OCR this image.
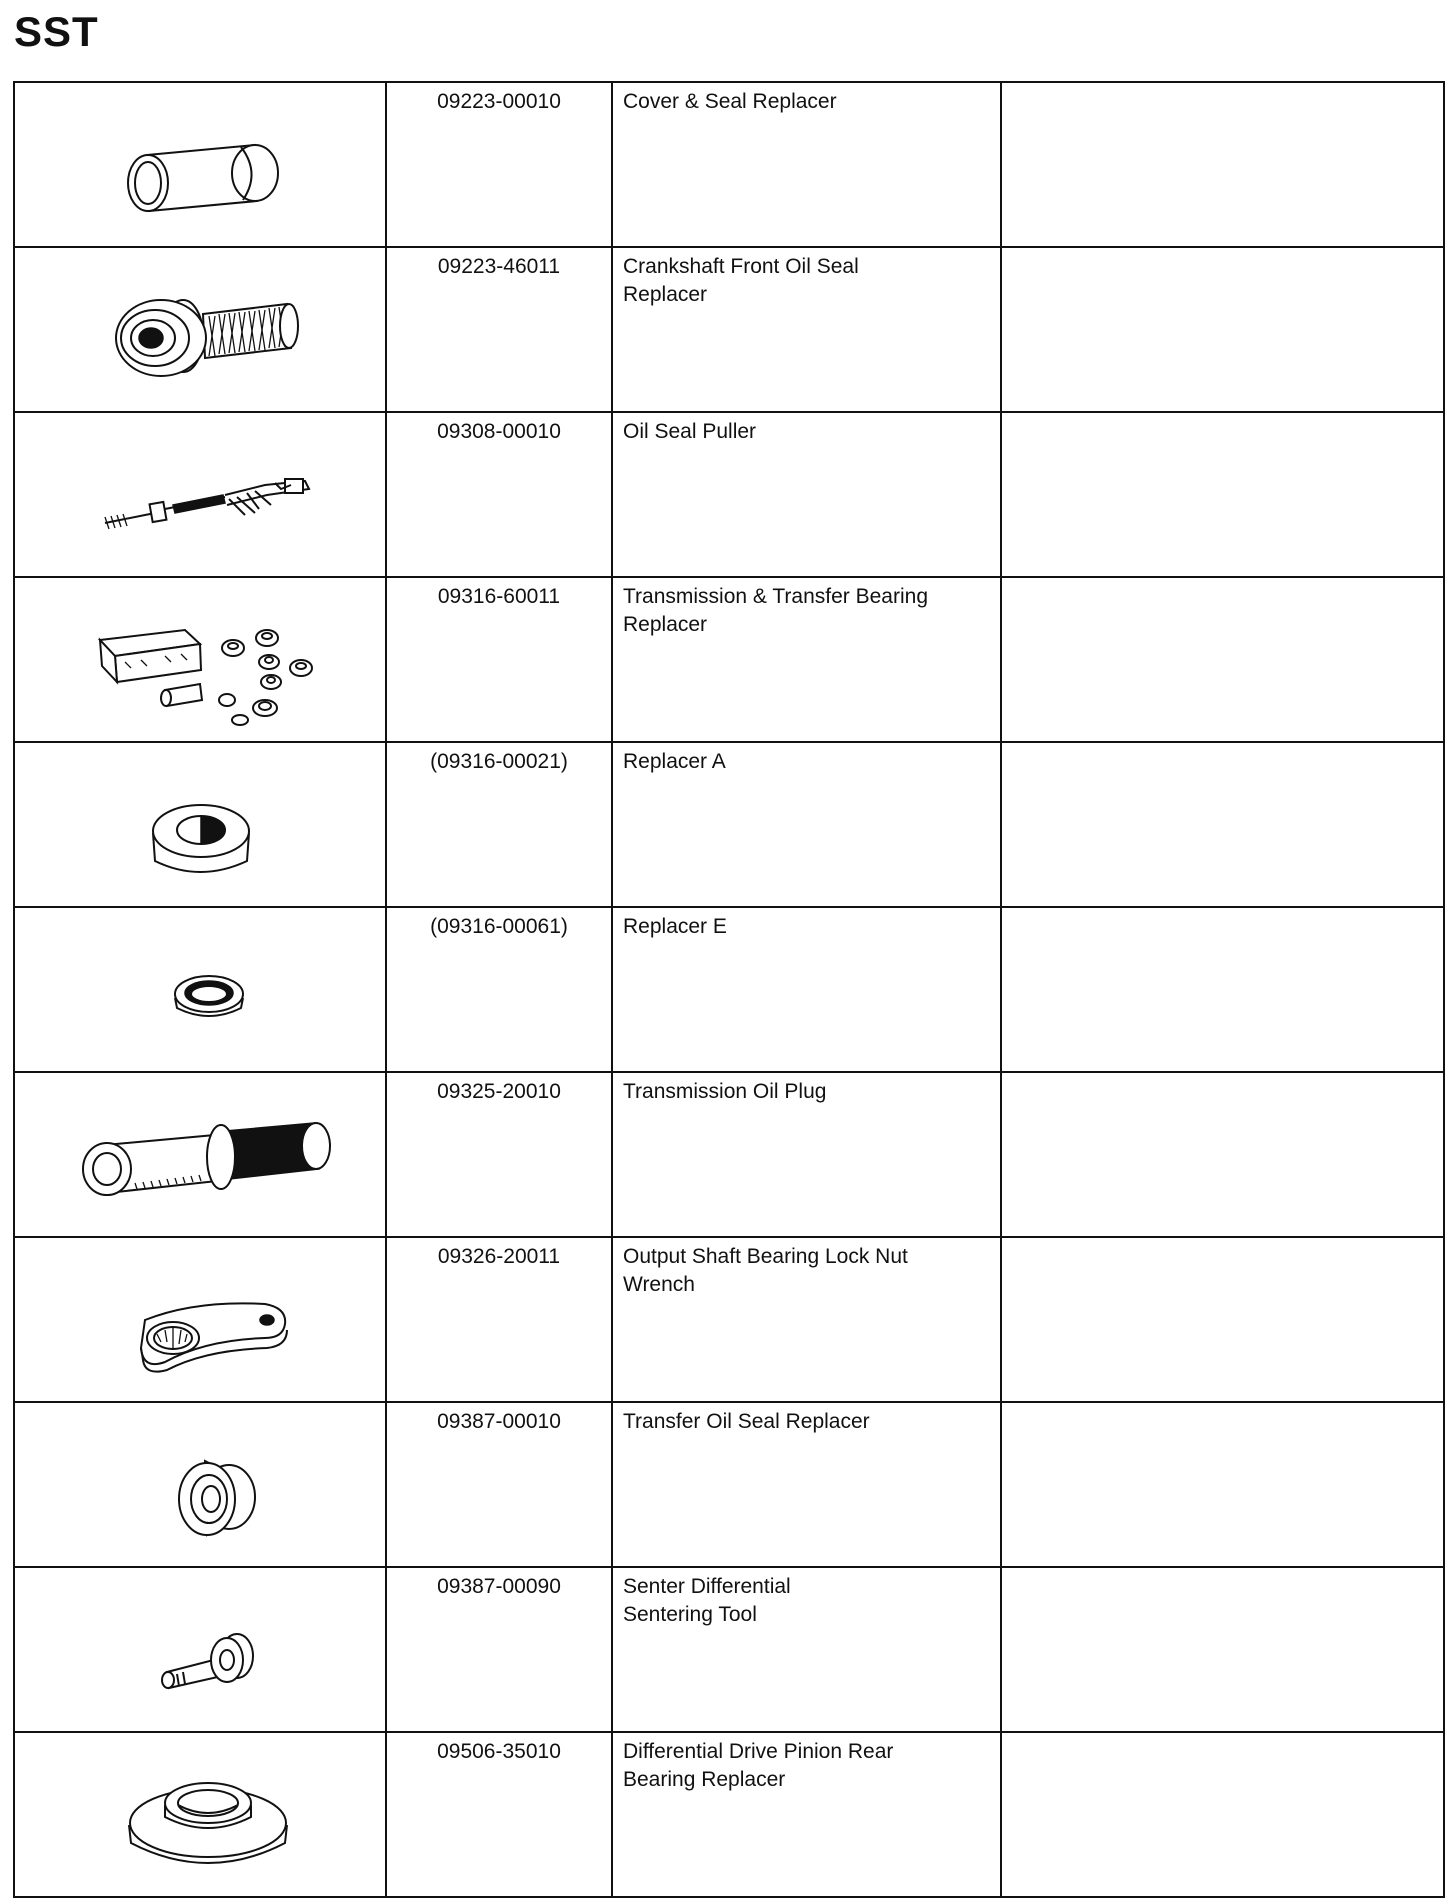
SST
	09223-00010	Cover & Seal Replacer	

	09223-46011	Crankshaft Front Oil Seal
Replacer	

	09308-00010	Oil Seal Puller	

	09316-60011	Transmission & Transfer Bearing
Replacer	

	(09316-00021)	Replacer A	

	(09316-00061)	Replacer E	

	09325-20010	Transmission Oil Plug	

	09326-20011	Output Shaft Bearing Lock Nut
Wrench	

	09387-00010	Transfer Oil Seal Replacer	

	09387-00090	Senter Differential
Sentering Tool	

	09506-35010	Differential Drive Pinion Rear
Bearing Replacer	
